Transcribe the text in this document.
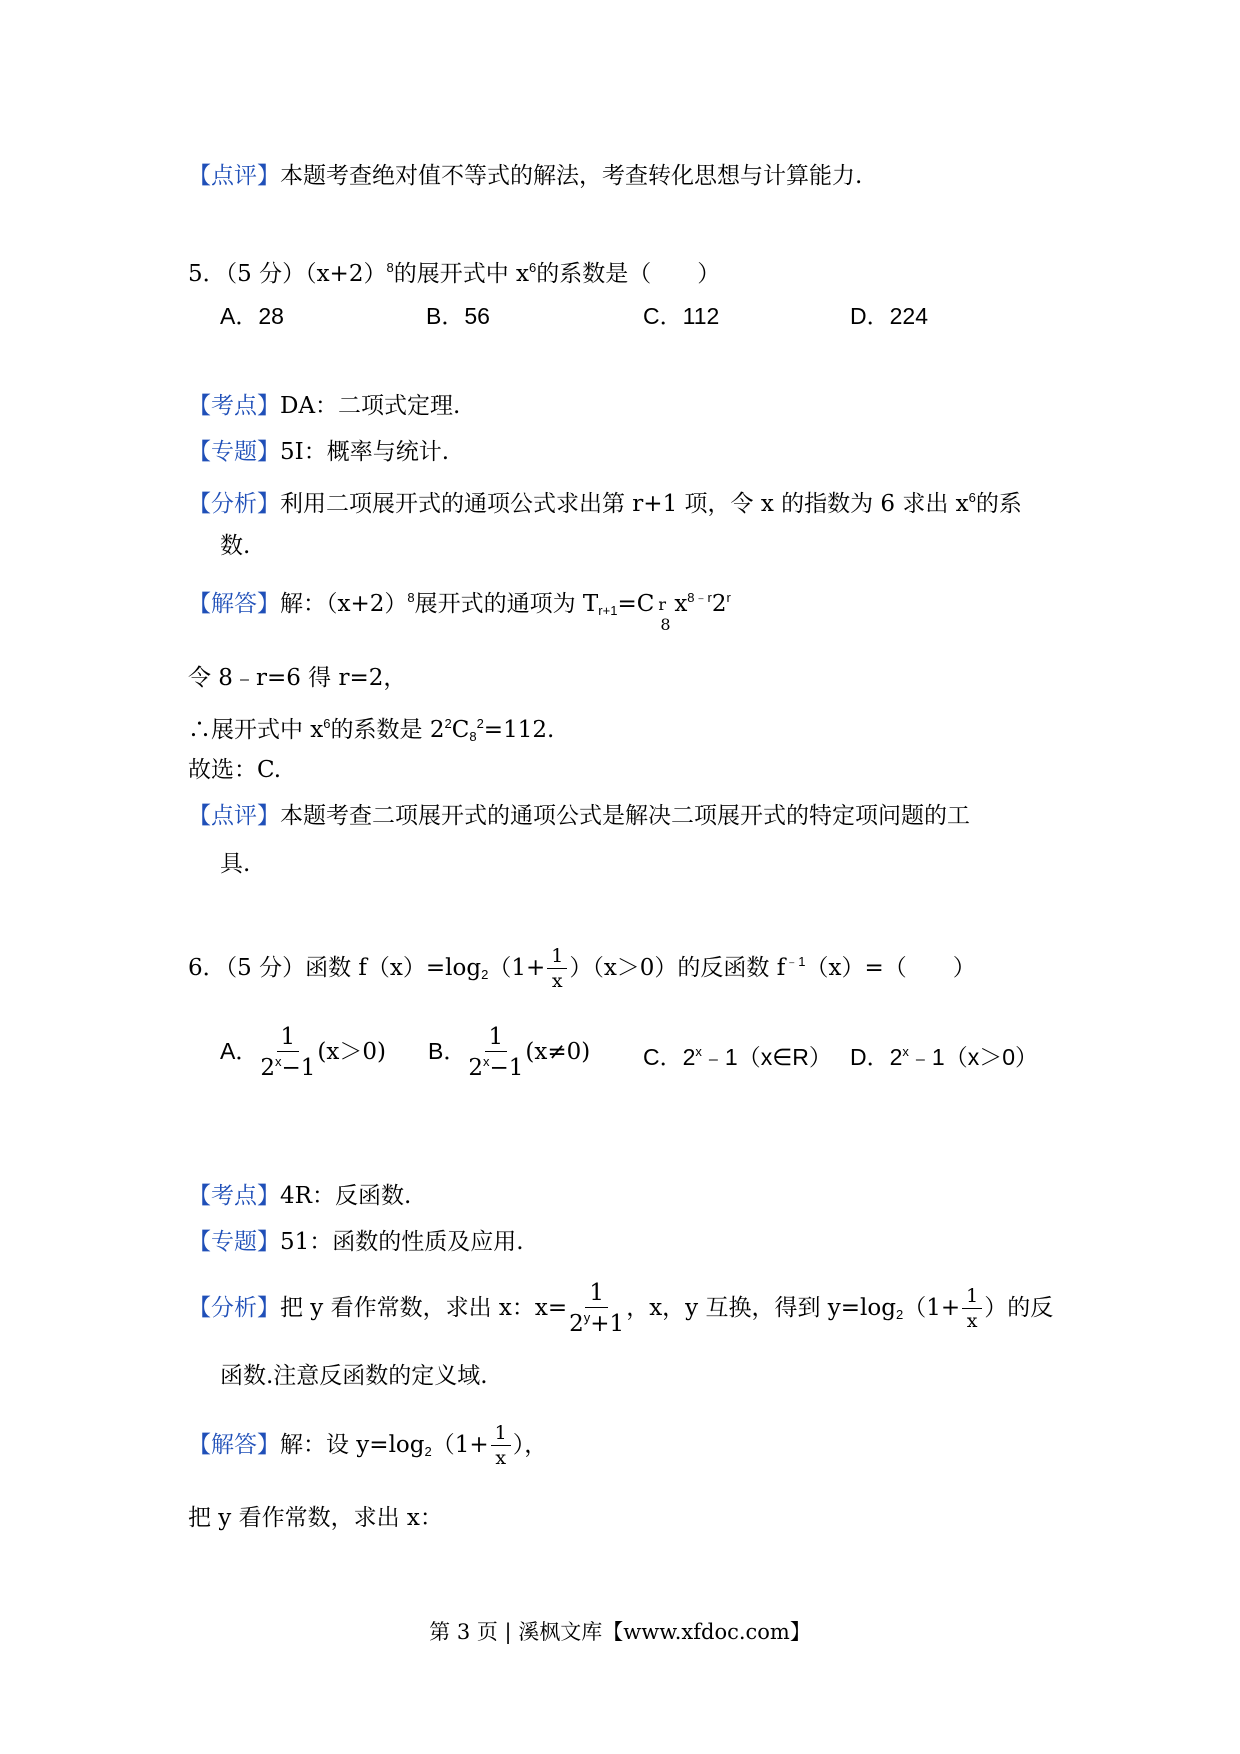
【点评】本题考查绝对值不等式的解法，考查转化思想与计算能力.
5．（5 分）$(x+2)^8$的展开式中 $x^6$的系数是（　　）
A．28	B．56	C．112	D．224
【考点】DA：二项式定理.
【专题】5I：概率与统计.
【分析】利用二项展开式的通项公式求出第 r+1 项，令 x 的指数为 6 求出 $x^6$的系
数.
【解答】解：$(x+2)^8$展开式的通项为 $T_{r+1}=C$ r
8
$x^{8﹣r}2^r$
令 8﹣r=6 得 r=2，
∴展开式中 $x^6$的系数是 $2^2C_8^2=112$.
故选：C.
【点评】本题考查二项展开式的通项公式是解决二项展开式的特定项问题的工
具.
6．（5 分）函数 $f(x)=\log_2(1+ \frac{1}{x} )(x>0)$的反函数 $f^{﹣1}(x)=$（　　）
A． $\frac{1}{2^x-1} (x>0)$ B． $\frac{1}{2^x-1} (x\ne 0)$ C．2$^x$﹣1（x∈R） D．$2^x﹣1(x>0)$
【考点】4R：反函数.
【专题】51：函数的性质及应用.
【分析】把 y 看作常数，求出 x：$x= \frac{1}{2^y+1}$ ，x，y 互换，得到 $y=\log_2(1+ \frac{1}{x}$ ）的反
函数.注意反函数的定义域.
【解答】解：设 $y=\log_2(1+ \frac{1}{x}$ ），
把 y 看作常数，求出 x：
第 3 页 | 溪枫文库【www.xfdoc.com】
